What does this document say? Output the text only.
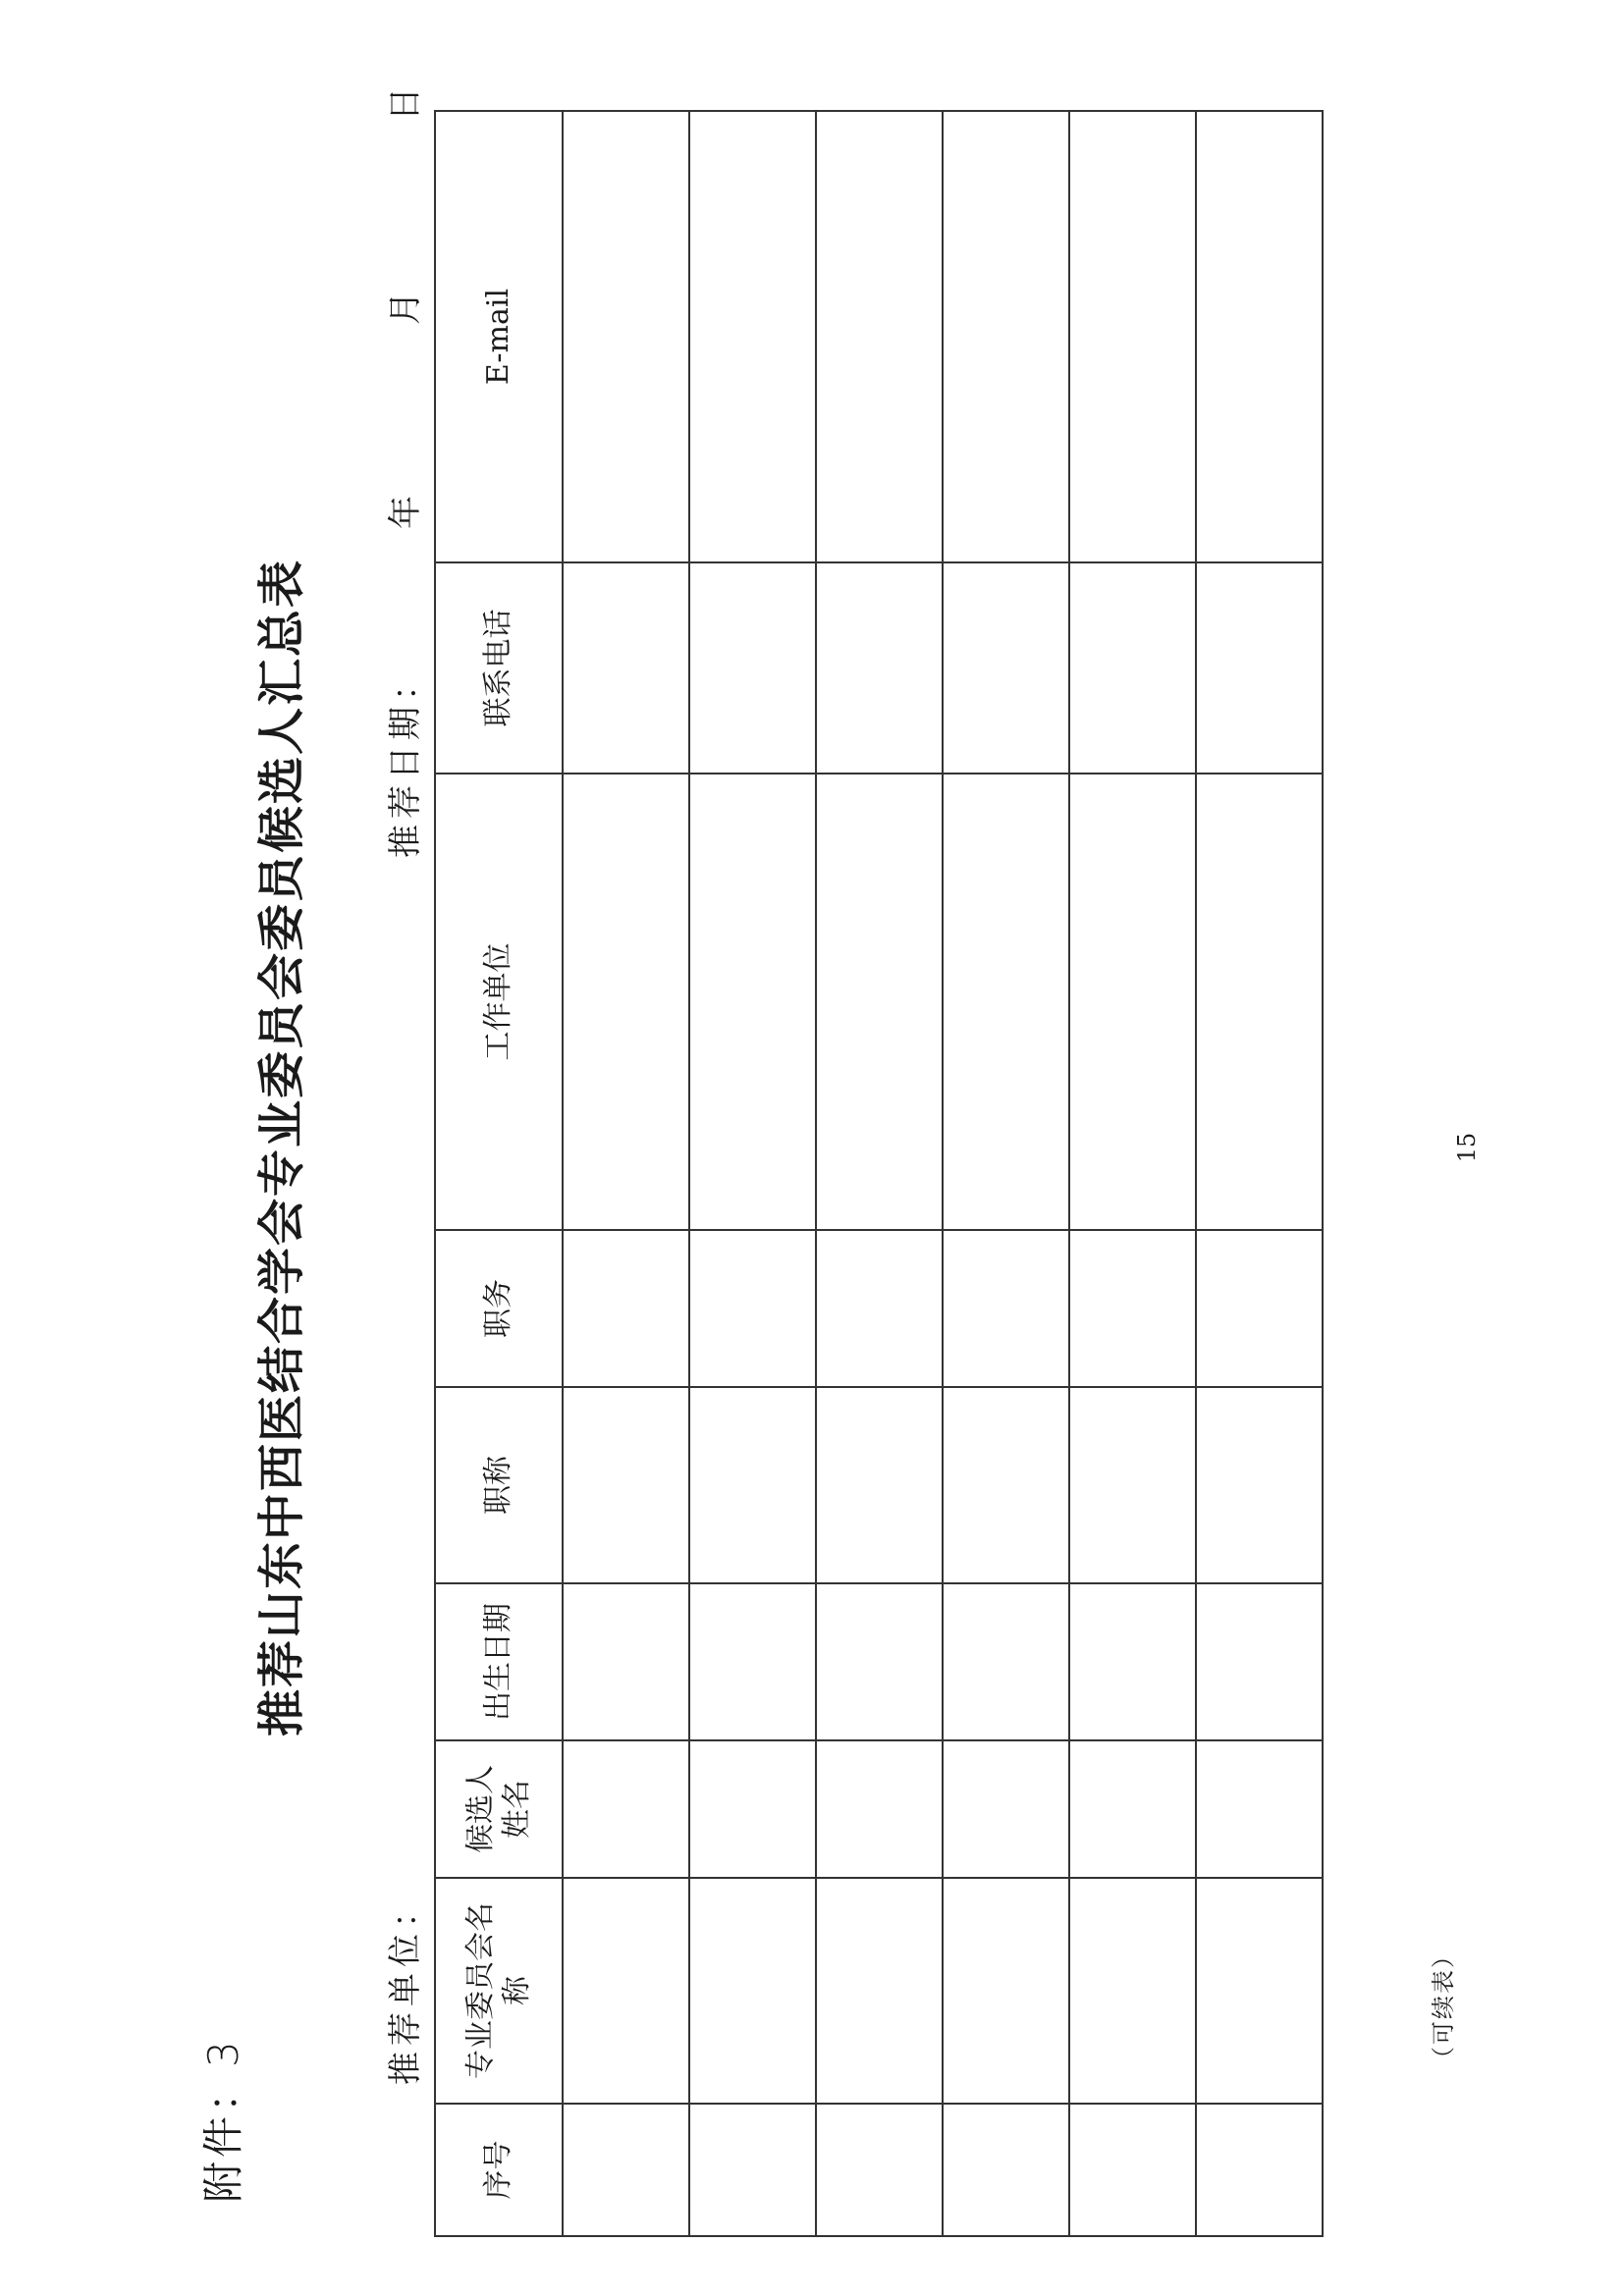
附件：3
推荐山东中西医结合学会专业委员会委员候选人汇总表
推荐单位：
推荐日期：
年
月
日
序号	专业委员会名称	候选人姓名	出生日期	职称	职务	工作单位	联系电话	E-mail

（可续表）
15
